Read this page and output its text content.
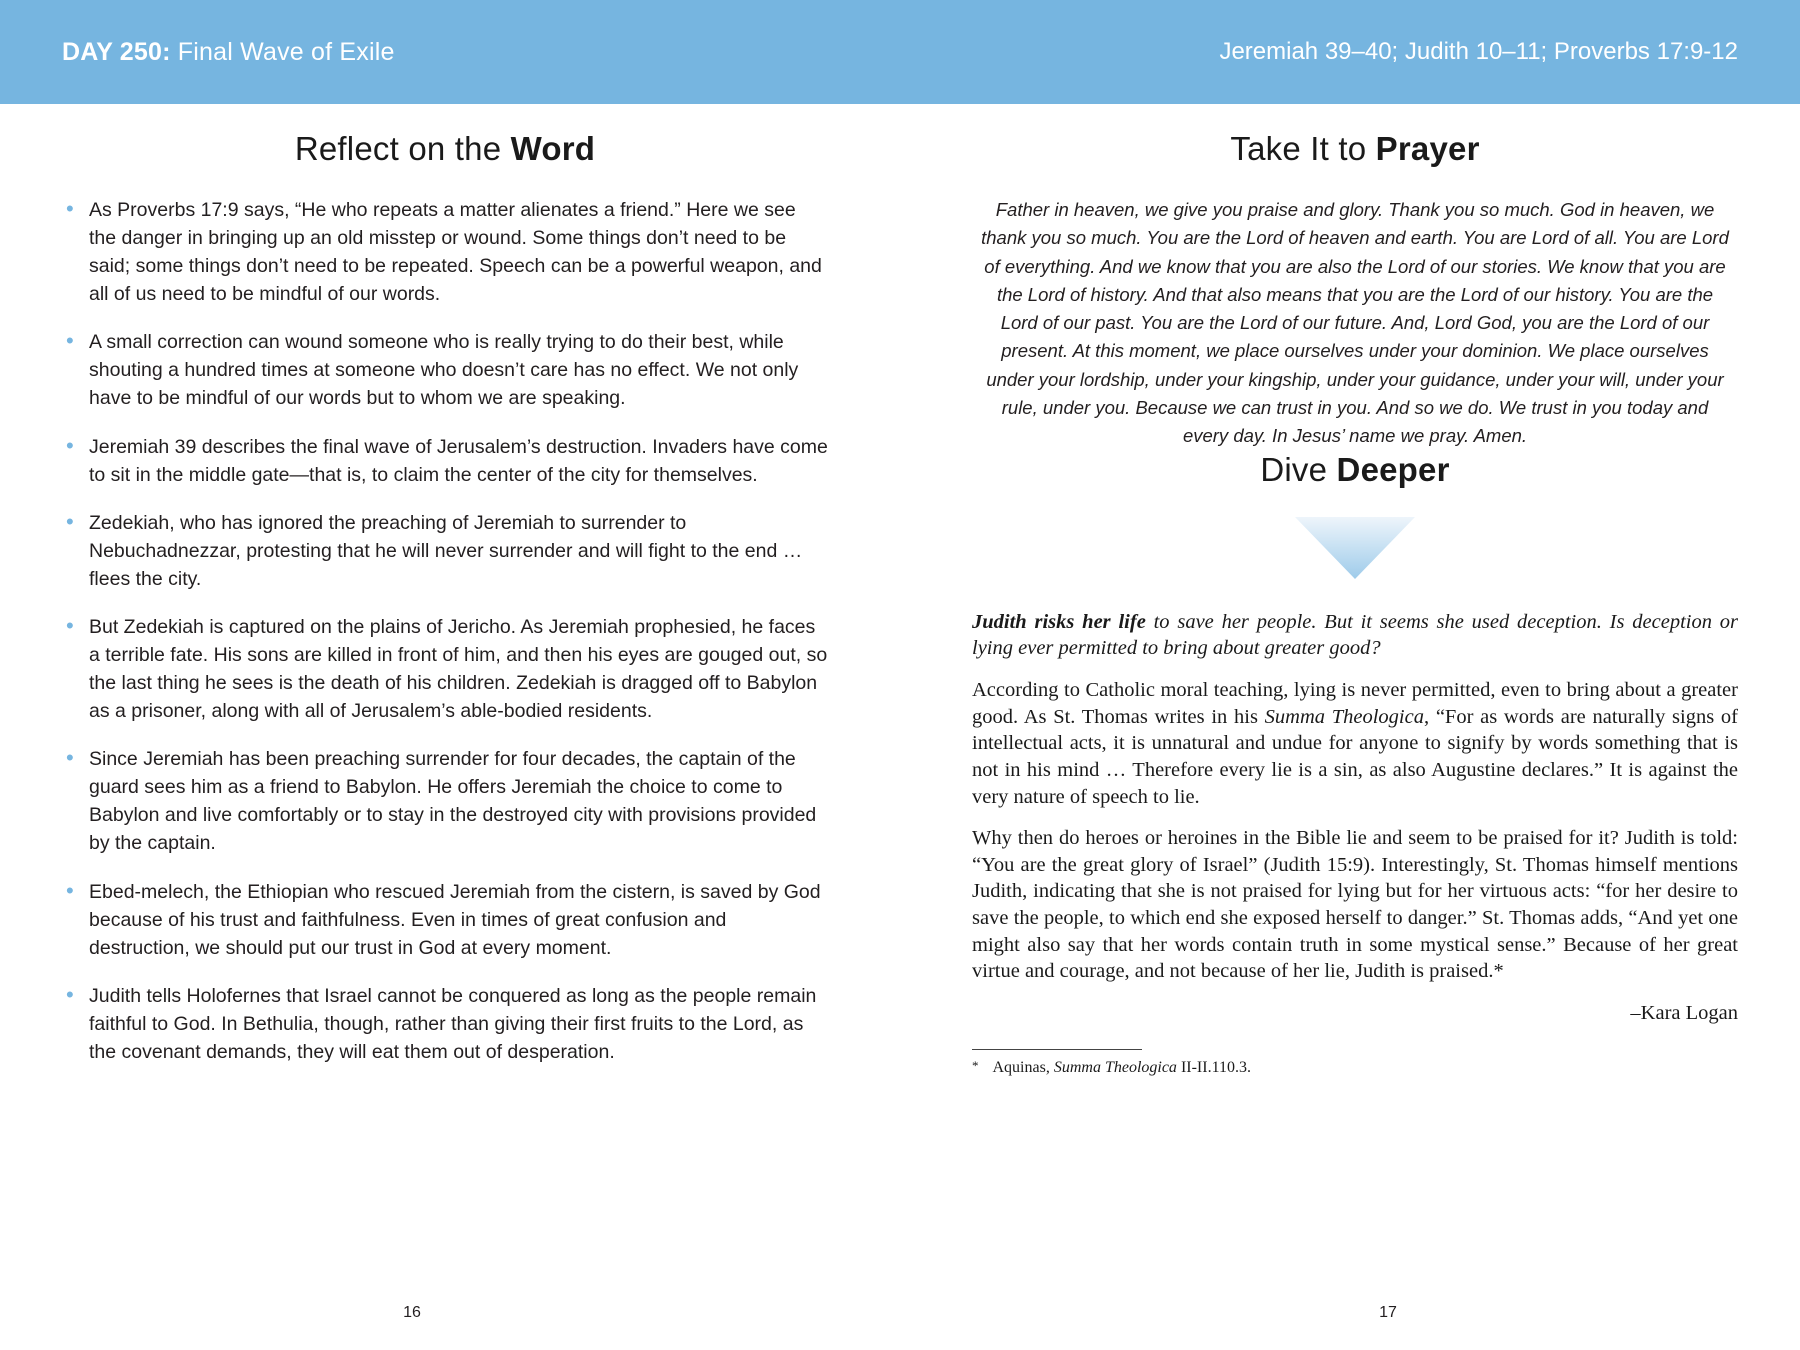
DAY 250: Final Wave of Exile	Jeremiah 39–40; Judith 10–11; Proverbs 17:9-12
Reflect on the Word
• As Proverbs 17:9 says, “He who repeats a matter alienates a friend.” Here we see the danger in bringing up an old misstep or wound. Some things don’t need to be said; some things don’t need to be repeated. Speech can be a powerful weapon, and all of us need to be mindful of our words.
• A small correction can wound someone who is really trying to do their best, while shouting a hundred times at someone who doesn’t care has no effect. We not only have to be mindful of our words but to whom we are speaking.
• Jeremiah 39 describes the final wave of Jerusalem’s destruction. Invaders have come to sit in the middle gate—that is, to claim the center of the city for themselves.
• Zedekiah, who has ignored the preaching of Jeremiah to surrender to Nebuchadnezzar, protesting that he will never surrender and will fight to the end … flees the city.
• But Zedekiah is captured on the plains of Jericho. As Jeremiah prophesied, he faces a terrible fate. His sons are killed in front of him, and then his eyes are gouged out, so the last thing he sees is the death of his children. Zedekiah is dragged off to Babylon as a prisoner, along with all of Jerusalem’s able-bodied residents.
• Since Jeremiah has been preaching surrender for four decades, the captain of the guard sees him as a friend to Babylon. He offers Jeremiah the choice to come to Babylon and live comfortably or to stay in the destroyed city with provisions provided by the captain.
• Ebed-melech, the Ethiopian who rescued Jeremiah from the cistern, is saved by God because of his trust and faithfulness. Even in times of great confusion and destruction, we should put our trust in God at every moment.
• Judith tells Holofernes that Israel cannot be conquered as long as the people remain faithful to God. In Bethulia, though, rather than giving their first fruits to the Lord, as the covenant demands, they will eat them out of desperation.
16
Take It to Prayer
Father in heaven, we give you praise and glory. Thank you so much. God in heaven, we thank you so much. You are the Lord of heaven and earth. You are Lord of all. You are Lord of everything. And we know that you are also the Lord of our stories. We know that you are the Lord of history. And that also means that you are the Lord of our history. You are the Lord of our past. You are the Lord of our future. And, Lord God, you are the Lord of our present. At this moment, we place ourselves under your dominion. We place ourselves under your lordship, under your kingship, under your guidance, under your will, under your rule, under you. Because we can trust in you. And so we do. We trust in you today and every day. In Jesus’ name we pray. Amen.
Dive Deeper

Judith risks her life to save her people. But it seems she used deception. Is deception or lying ever permitted to bring about greater good?

According to Catholic moral teaching, lying is never permitted, even to bring about a greater good. As St. Thomas writes in his Summa Theologica, “For as words are naturally signs of intellectual acts, it is unnatural and undue for anyone to signify by words something that is not in his mind … Therefore every lie is a sin, as also Augustine declares.” It is against the very nature of speech to lie.

Why then do heroes or heroines in the Bible lie and seem to be praised for it? Judith is told: “You are the great glory of Israel” (Judith 15:9). Interestingly, St. Thomas himself mentions Judith, indicating that she is not praised for lying but for her virtuous acts: “for her desire to save the people, to which end she exposed herself to danger.” St. Thomas adds, “And yet one might also say that her words contain truth in some mystical sense.” Because of her great virtue and courage, and not because of her lie, Judith is praised.*

–Kara Logan
* Aquinas, Summa Theologica II-II.110.3.
17
